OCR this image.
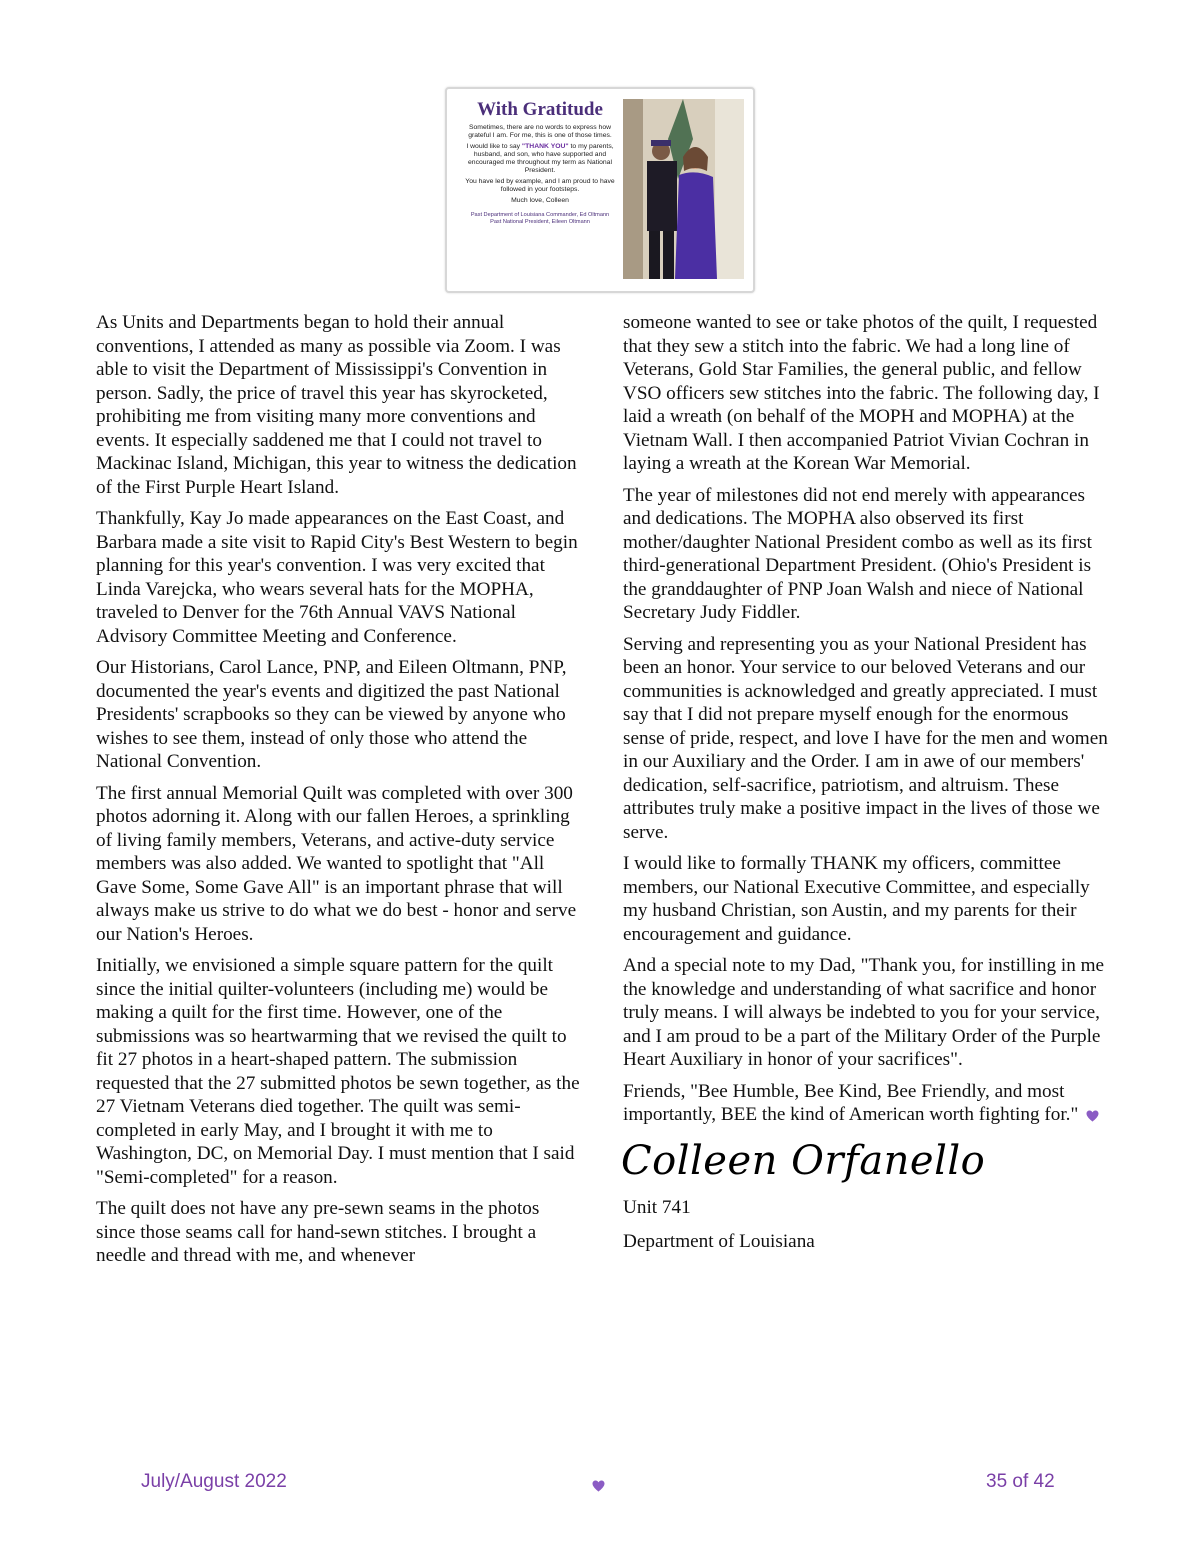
With Gratitude

Sometimes, there are no words to express how grateful I am. For me, this is one of those times.

I would like to say "THANK YOU" to my parents, husband, and son, who have supported and encouraged me throughout my term as National President.

You have led by example, and I am proud to have followed in your footsteps.

Much love, Colleen

Past Department of Louisiana Commander, Ed Oltmann

Past National President, Eileen Oltmann

As Units and Departments began to hold their annual conventions, I attended as many as possible via Zoom. I was able to visit the Department of Mississippi's Convention in person. Sadly, the price of travel this year has skyrocketed, prohibiting me from visiting many more conventions and events. It especially saddened me that I could not travel to Mackinac Island, Michigan, this year to witness the dedication of the First Purple Heart Island.

Thankfully, Kay Jo made appearances on the East Coast, and Barbara made a site visit to Rapid City's Best Western to begin planning for this year's convention. I was very excited that Linda Varejcka, who wears several hats for the MOPHA, traveled to Denver for the 76th Annual VAVS National Advisory Committee Meeting and Conference.

Our Historians, Carol Lance, PNP, and Eileen Oltmann, PNP, documented the year's events and digitized the past National Presidents' scrapbooks so they can be viewed by anyone who wishes to see them, instead of only those who attend the National Convention.

The first annual Memorial Quilt was completed with over 300 photos adorning it. Along with our fallen Heroes, a sprinkling of living family members, Veterans, and active-duty service members was also added. We wanted to spotlight that "All Gave Some, Some Gave All" is an important phrase that will always make us strive to do what we do best - honor and serve our Nation's Heroes.

Initially, we envisioned a simple square pattern for the quilt since the initial quilter-volunteers (including me) would be making a quilt for the first time. However, one of the submissions was so heartwarming that we revised the quilt to fit 27 photos in a heart-shaped pattern. The submission requested that the 27 submitted photos be sewn together, as the 27 Vietnam Veterans died together. The quilt was semi-completed in early May, and I brought it with me to Washington, DC, on Memorial Day. I must mention that I said "Semi-completed" for a reason.

The quilt does not have any pre-sewn seams in the photos since those seams call for hand-sewn stitches. I brought a needle and thread with me, and whenever

someone wanted to see or take photos of the quilt, I requested that they sew a stitch into the fabric. We had a long line of Veterans, Gold Star Families, the general public, and fellow VSO officers sew stitches into the fabric. The following day, I laid a wreath (on behalf of the MOPH and MOPHA) at the Vietnam Wall. I then accompanied Patriot Vivian Cochran in laying a wreath at the Korean War Memorial.

The year of milestones did not end merely with appearances and dedications. The MOPHA also observed its first mother/daughter National President combo as well as its first third-generational Department President. (Ohio's President is the granddaughter of PNP Joan Walsh and niece of National Secretary Judy Fiddler.

Serving and representing you as your National President has been an honor. Your service to our beloved Veterans and our communities is acknowledged and greatly appreciated. I must say that I did not prepare myself enough for the enormous sense of pride, respect, and love I have for the men and women in our Auxiliary and the Order. I am in awe of our members' dedication, self-sacrifice, patriotism, and altruism. These attributes truly make a positive impact in the lives of those we serve.

I would like to formally THANK my officers, committee members, our National Executive Committee, and especially my husband Christian, son Austin, and my parents for their encouragement and guidance.

And a special note to my Dad, "Thank you, for instilling in me the knowledge and understanding of what sacrifice and honor truly means. I will always be indebted to you for your service, and I am proud to be a part of the Military Order of the Purple Heart Auxiliary in honor of your sacrifices".

Friends, "Bee Humble, Bee Kind, Bee Friendly, and most importantly, BEE the kind of American worth fighting for."

Colleen Orfanello

Unit 741

Department of Louisiana

July/August 2022	35 of 42
